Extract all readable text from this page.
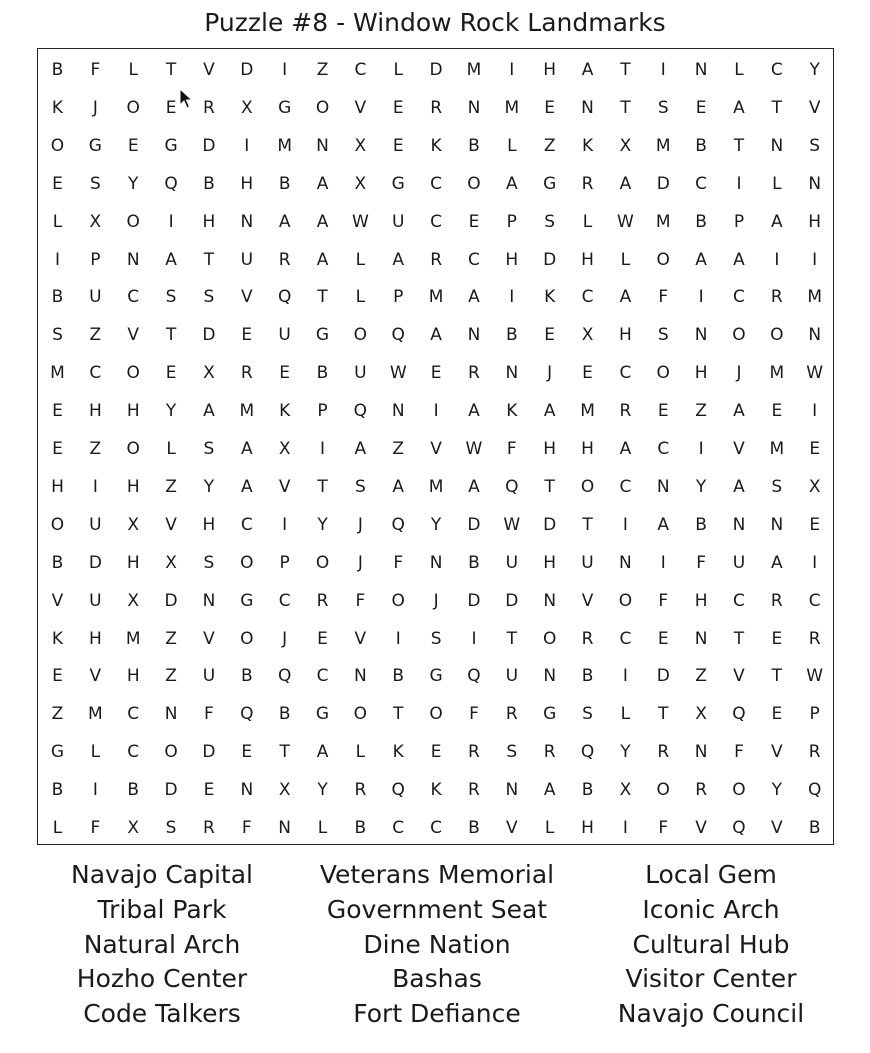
Puzzle #8 - Window Rock Landmarks
B	F	L	T	V	D	I	Z	C	L	D	M	I	H	A	T	I	N	L	C	Y
K	J	O	E	R	X	G	O	V	E	R	N	M	E	N	T	S	E	A	T	V
O	G	E	G	D	I	M	N	X	E	K	B	L	Z	K	X	M	B	T	N	S
E	S	Y	Q	B	H	B	A	X	G	C	O	A	G	R	A	D	C	I	L	N
L	X	O	I	H	N	A	A	W	U	C	E	P	S	L	W	M	B	P	A	H
I	P	N	A	T	U	R	A	L	A	R	C	H	D	H	L	O	A	A	I	I
B	U	C	S	S	V	Q	T	L	P	M	A	I	K	C	A	F	I	C	R	M
S	Z	V	T	D	E	U	G	O	Q	A	N	B	E	X	H	S	N	O	O	N
M	C	O	E	X	R	E	B	U	W	E	R	N	J	E	C	O	H	J	M	W
E	H	H	Y	A	M	K	P	Q	N	I	A	K	A	M	R	E	Z	A	E	I
E	Z	O	L	S	A	X	I	A	Z	V	W	F	H	H	A	C	I	V	M	E
H	I	H	Z	Y	A	V	T	S	A	M	A	Q	T	O	C	N	Y	A	S	X
O	U	X	V	H	C	I	Y	J	Q	Y	D	W	D	T	I	A	B	N	N	E
B	D	H	X	S	O	P	O	J	F	N	B	U	H	U	N	I	F	U	A	I
V	U	X	D	N	G	C	R	F	O	J	D	D	N	V	O	F	H	C	R	C
K	H	M	Z	V	O	J	E	V	I	S	I	T	O	R	C	E	N	T	E	R
E	V	H	Z	U	B	Q	C	N	B	G	Q	U	N	B	I	D	Z	V	T	W
Z	M	C	N	F	Q	B	G	O	T	O	F	R	G	S	L	T	X	Q	E	P
G	L	C	O	D	E	T	A	L	K	E	R	S	R	Q	Y	R	N	F	V	R
B	I	B	D	E	N	X	Y	R	Q	K	R	N	A	B	X	O	R	O	Y	Q
L	F	X	S	R	F	N	L	B	C	C	B	V	L	H	I	F	V	Q	V	B
Navajo Capital
Tribal Park
Natural Arch
Hozho Center
Code Talkers
Veterans Memorial
Government Seat
Dine Nation
Bashas
Fort Defiance
Local Gem
Iconic Arch
Cultural Hub
Visitor Center
Navajo Council
